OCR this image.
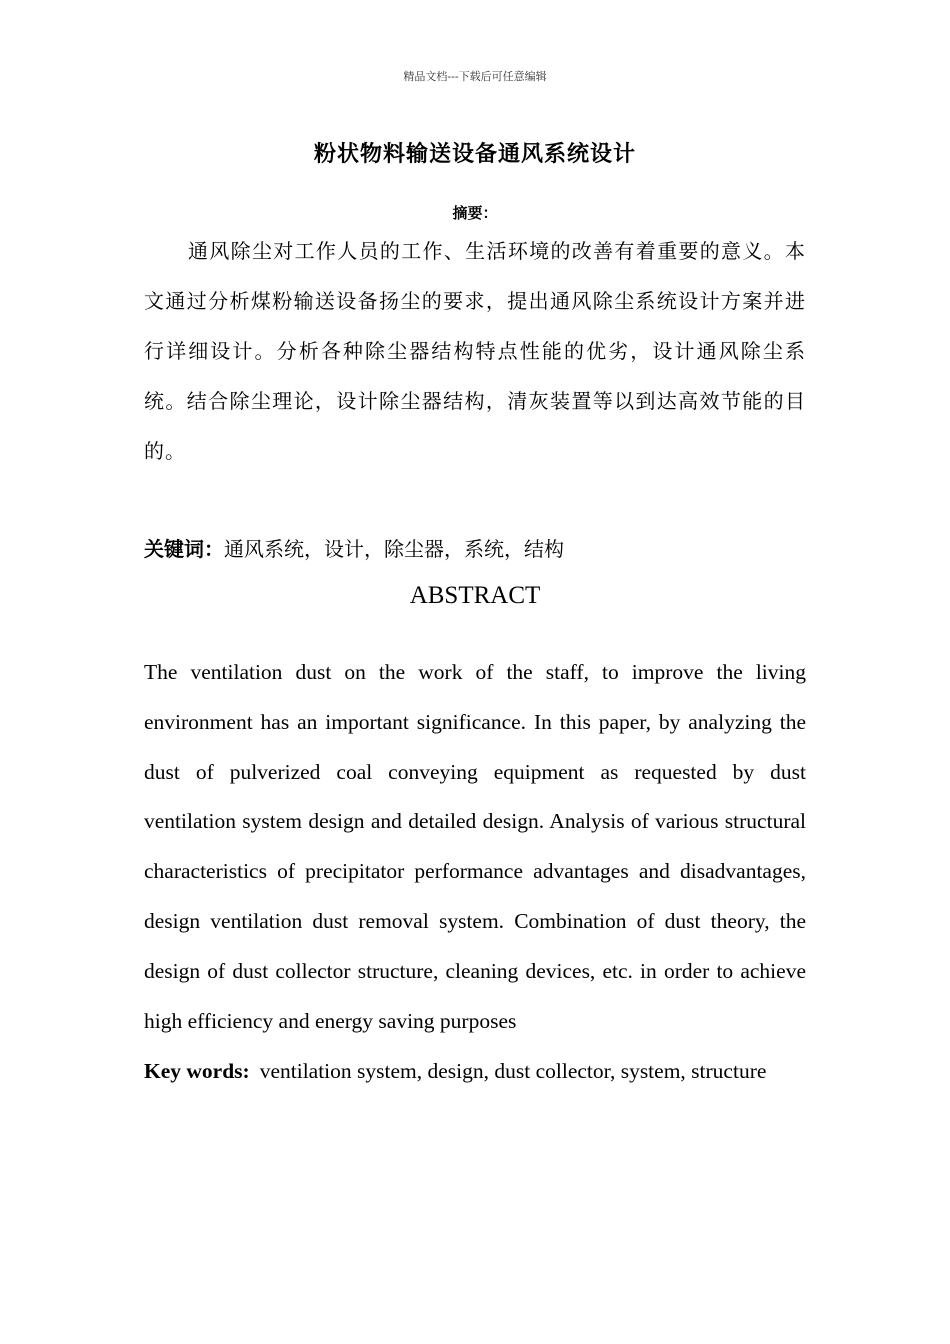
精品文档---下载后可任意编辑
粉状物料输送设备通风系统设计
摘要：

通风除尘对工作人员的工作、生活环境的改善有着重要的意义。本文通过分析煤粉输送设备扬尘的要求，提出通风除尘系统设计方案并进行详细设计。分析各种除尘器结构特点性能的优劣，设计通风除尘系统。结合除尘理论，设计除尘器结构，清灰装置等以到达高效节能的目的。

关键词：通风系统，设计，除尘器，系统，结构

ABSTRACT

The ventilation dust on the work of the staff, to improve the living environment has an important significance. In this paper, by analyzing the dust of pulverized coal conveying equipment as requested by dust ventilation system design and detailed design. Analysis of various structural characteristics of precipitator performance advantages and disadvantages, design ventilation dust removal system. Combination of dust theory, the design of dust collector structure, cleaning devices, etc. in order to achieve high efficiency and energy saving purposes

Key words: ventilation system, design, dust collector, system, structure
